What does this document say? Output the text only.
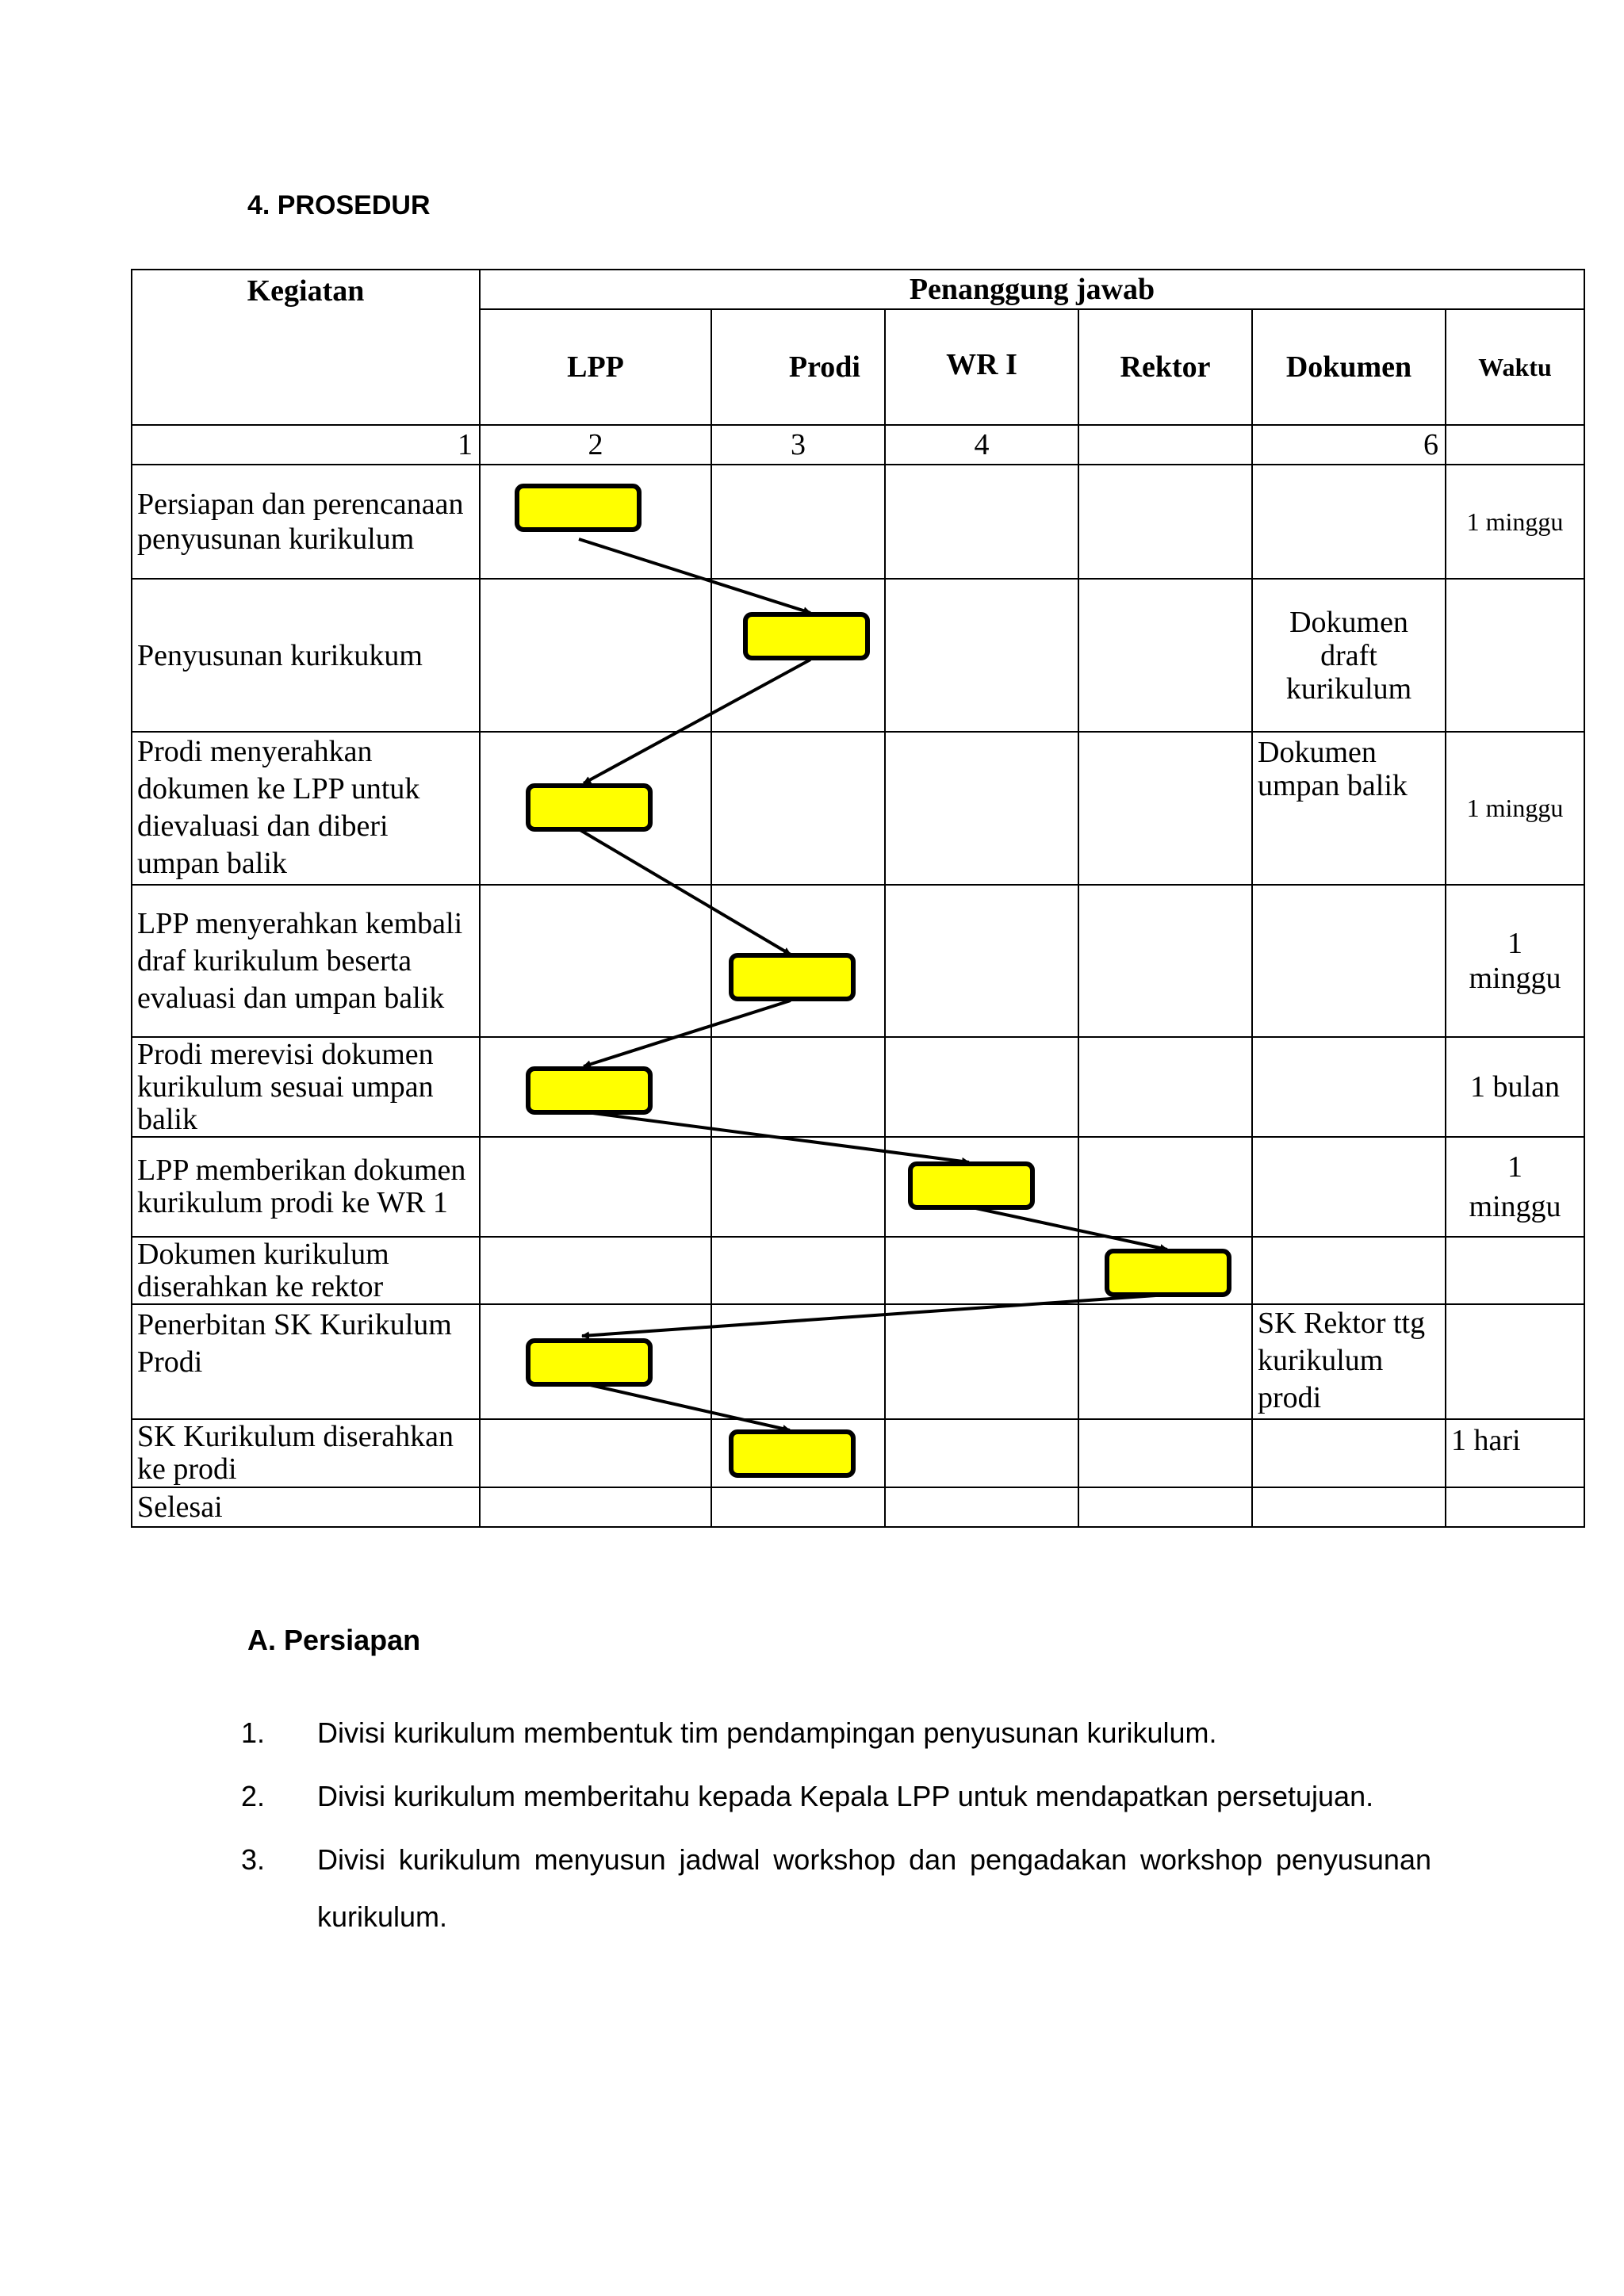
4. PROSEDUR
Kegiatan	Penanggung jawab					
	LPP	Prodi	WR I	Rektor	Dokumen	Waktu
1	2	3	4		6	
Persiapan dan perencanaan penyusunan kurikulum						1 minggu
Penyusunan kurikukum					Dokumen draft kurikulum	
Prodi menyerahkan dokumen ke LPP untuk dievaluasi dan diberi umpan balik					Dokumen umpan balik	1 minggu
LPP menyerahkan kembali draf kurikulum beserta evaluasi dan umpan balik						1 minggu
Prodi merevisi dokumen kurikulum sesuai umpan balik						1 bulan
LPP memberikan dokumen kurikulum prodi ke WR 1						1 minggu
Dokumen kurikulum diserahkan ke rektor						
Penerbitan SK Kurikulum Prodi					SK Rektor ttg kurikulum prodi	
SK Kurikulum diserahkan ke prodi						1 hari
Selesai						
A. Persiapan
1. Divisi kurikulum membentuk tim pendampingan penyusunan kurikulum.
2. Divisi kurikulum memberitahu kepada Kepala LPP untuk mendapatkan persetujuan.
3. Divisi kurikulum menyusun jadwal workshop dan pengadakan workshop penyusunan kurikulum.
